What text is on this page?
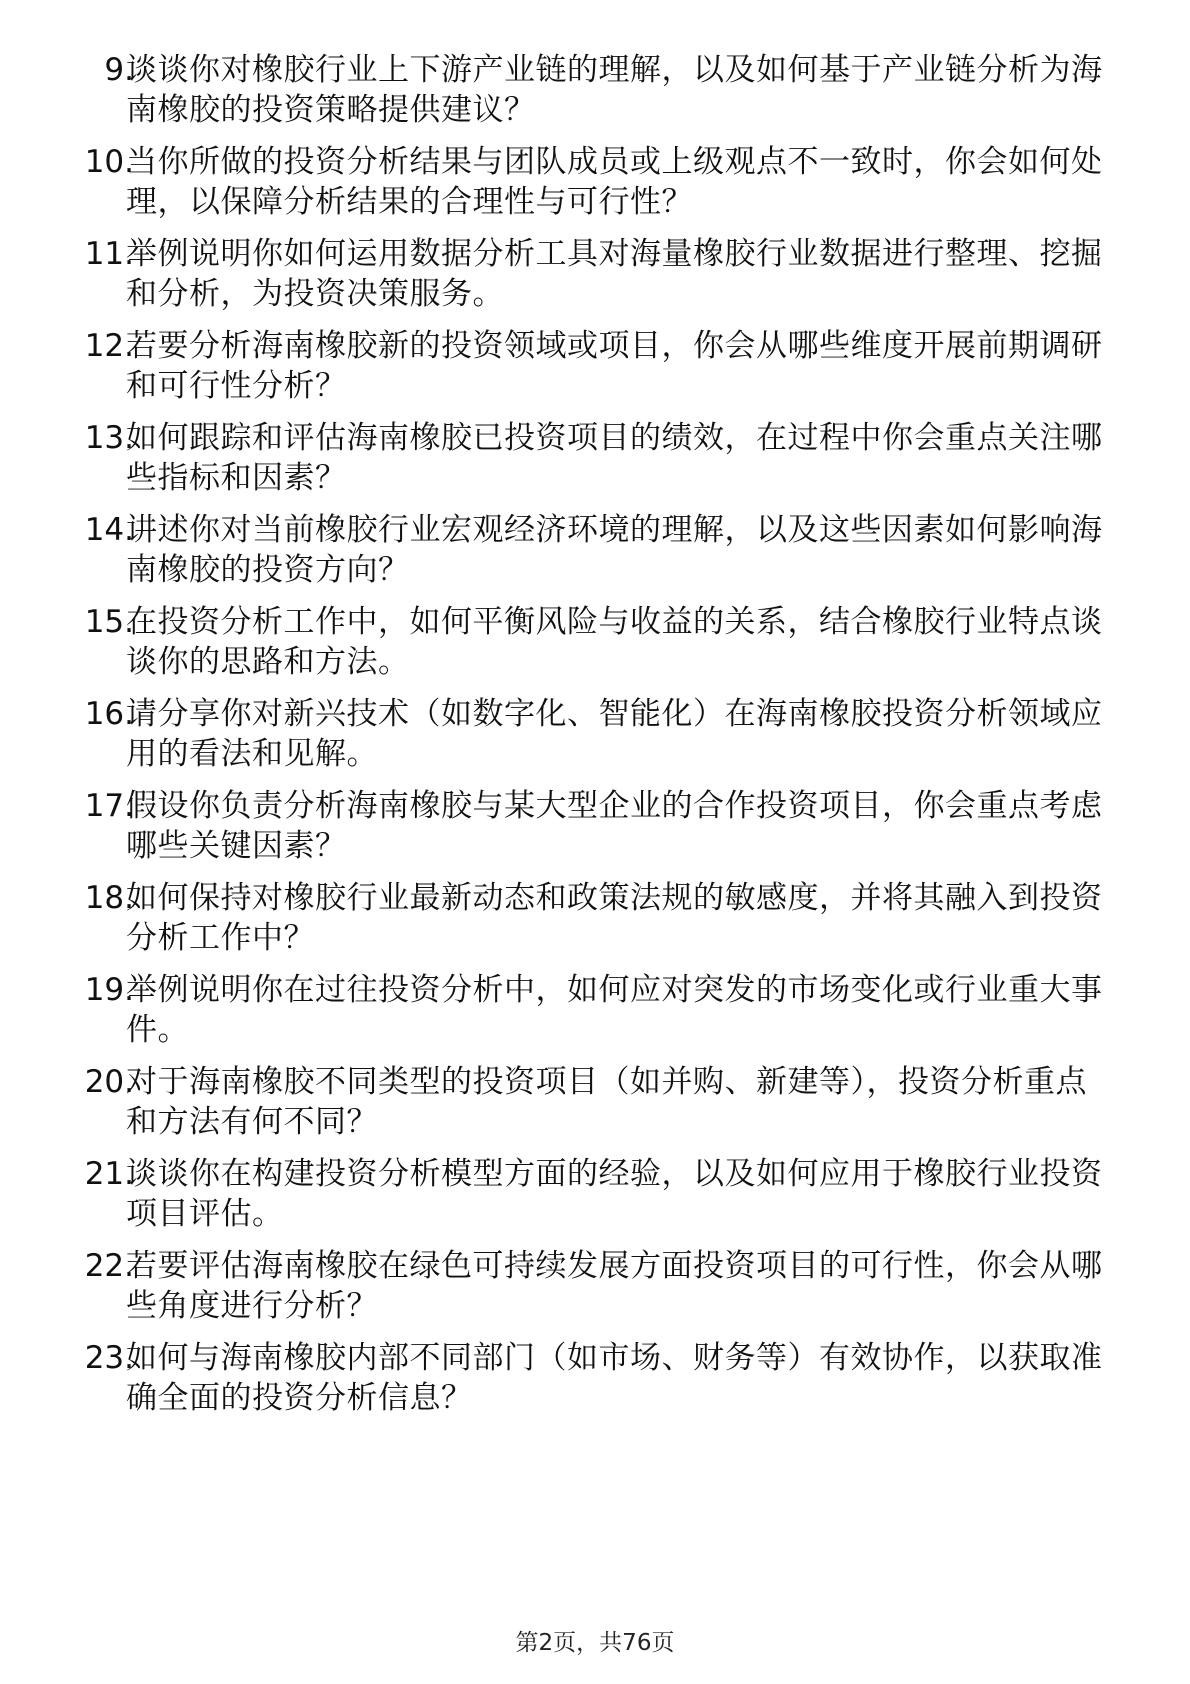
9.
谈谈你对橡胶行业上下游产业链的理解，以及如何基于产业链分析为海南橡胶的投资策略提供建议？
10.
当你所做的投资分析结果与团队成员或上级观点不一致时，你会如何处理，以保障分析结果的合理性与可行性？
11.
举例说明你如何运用数据分析工具对海量橡胶行业数据进行整理、挖掘和分析，为投资决策服务。
12.
若要分析海南橡胶新的投资领域或项目，你会从哪些维度开展前期调研和可行性分析？
13.
如何跟踪和评估海南橡胶已投资项目的绩效，在过程中你会重点关注哪些指标和因素？
14.
讲述你对当前橡胶行业宏观经济环境的理解，以及这些因素如何影响海南橡胶的投资方向？
15.
在投资分析工作中，如何平衡风险与收益的关系，结合橡胶行业特点谈谈你的思路和方法。
16.
请分享你对新兴技术（如数字化、智能化）在海南橡胶投资分析领域应用的看法和见解。
17.
假设你负责分析海南橡胶与某大型企业的合作投资项目，你会重点考虑哪些关键因素？
18.
如何保持对橡胶行业最新动态和政策法规的敏感度，并将其融入到投资分析工作中？
19.
举例说明你在过往投资分析中，如何应对突发的市场变化或行业重大事件。
20.
对于海南橡胶不同类型的投资项目（如并购、新建等），投资分析重点和方法有何不同？
21.
谈谈你在构建投资分析模型方面的经验，以及如何应用于橡胶行业投资项目评估。
22.
若要评估海南橡胶在绿色可持续发展方面投资项目的可行性，你会从哪些角度进行分析？
23.
如何与海南橡胶内部不同部门（如市场、财务等）有效协作，以获取准确全面的投资分析信息？
第2页，共76页
